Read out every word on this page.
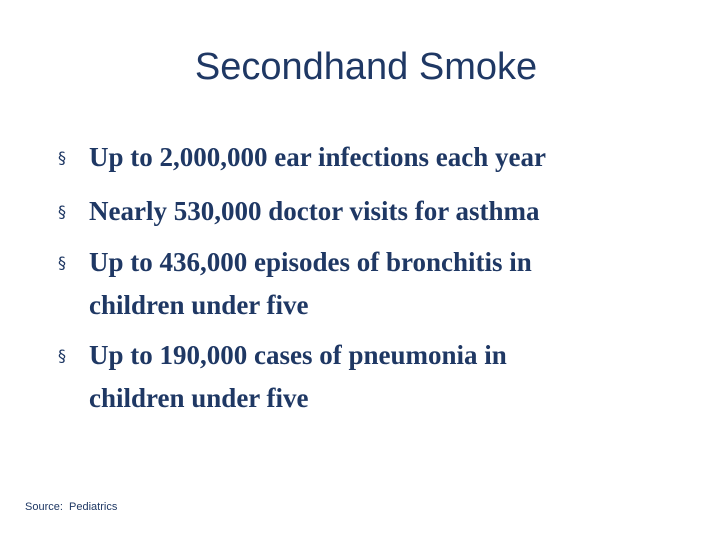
Secondhand Smoke
§ Up to 2,000,000 ear infections each year
§ Nearly 530,000 doctor visits for asthma
§ Up to 436,000 episodes of bronchitis in
children under five
§ Up to 190,000 cases of pneumonia in
children under five
Source:  Pediatrics
